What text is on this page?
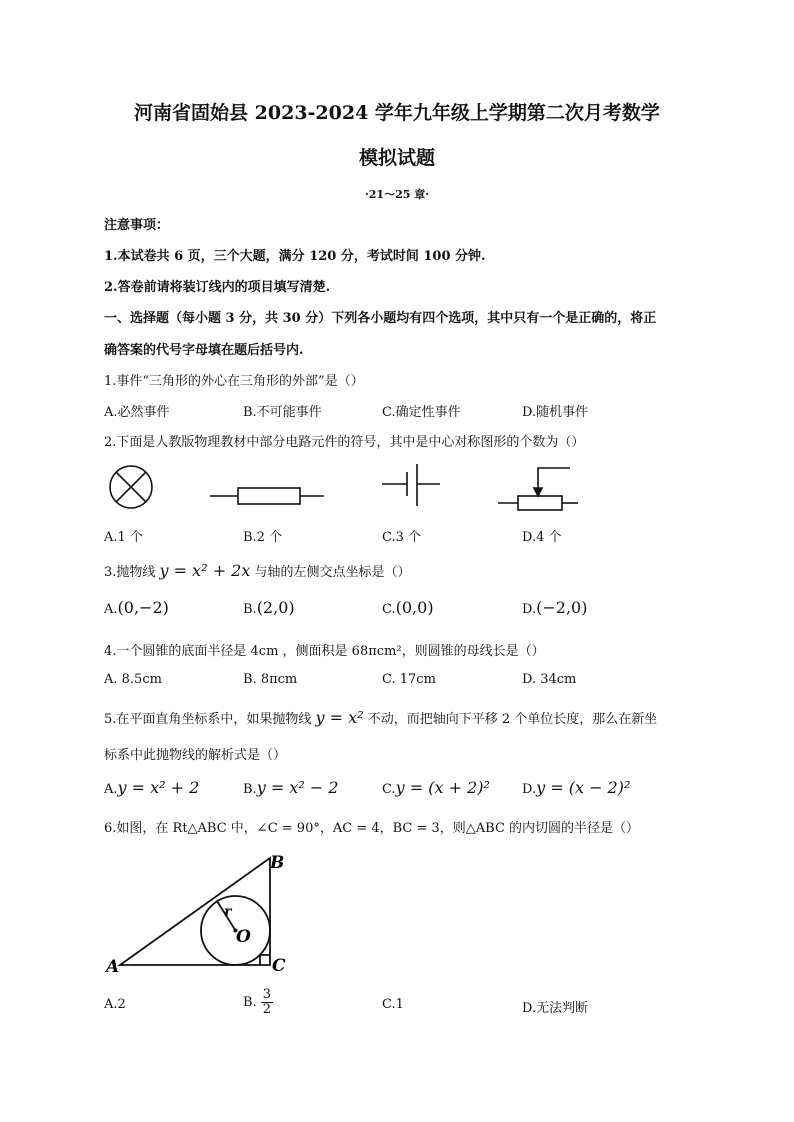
河南省固始县 2023-2024 学年九年级上学期第二次月考数学
模拟试题
·21～25 章·
注意事项：
1.本试卷共 6 页，三个大题，满分 120 分，考试时间 100 分钟.
2.答卷前请将装订线内的项目填写清楚.
一、选择题（每小题 3 分，共 30 分）下列各小题均有四个选项，其中只有一个是正确的，将正
确答案的代号字母填在题后括号内.
1.事件“三角形的外心在三角形的外部”是（）
A.必然事件	B.不可能事件	C.确定性事件	D.随机事件
2.下面是人教版物理教材中部分电路元件的符号，其中是中心对称图形的个数为（）
A.1 个	B.2 个	C.3 个	D.4 个
3.抛物线 y = x² + 2x 与轴的左侧交点坐标是（）
A.(0,−2)	B.(2,0)	C.(0,0)	D.(−2,0)
4.一个圆锥的底面半径是 4cm ，侧面积是 68πcm²，则圆锥的母线长是（）
A. 8.5cm	B. 8πcm	C. 17cm	D. 34cm
5.在平面直角坐标系中，如果抛物线 y = x² 不动，而把轴向下平移 2 个单位长度，那么在新坐
标系中此抛物线的解析式是（）
A.y = x² + 2	B.y = x² − 2	C.y = (x + 2)² D.y = (x − 2)²
6.如图，在 Rt△ABC 中，∠C = 90°，AC = 4，BC = 3，则△ABC 的内切圆的半径是（）
A
B
C
O
r
A.2	B. $\frac{3}{2}$	C.1	D.无法判断
